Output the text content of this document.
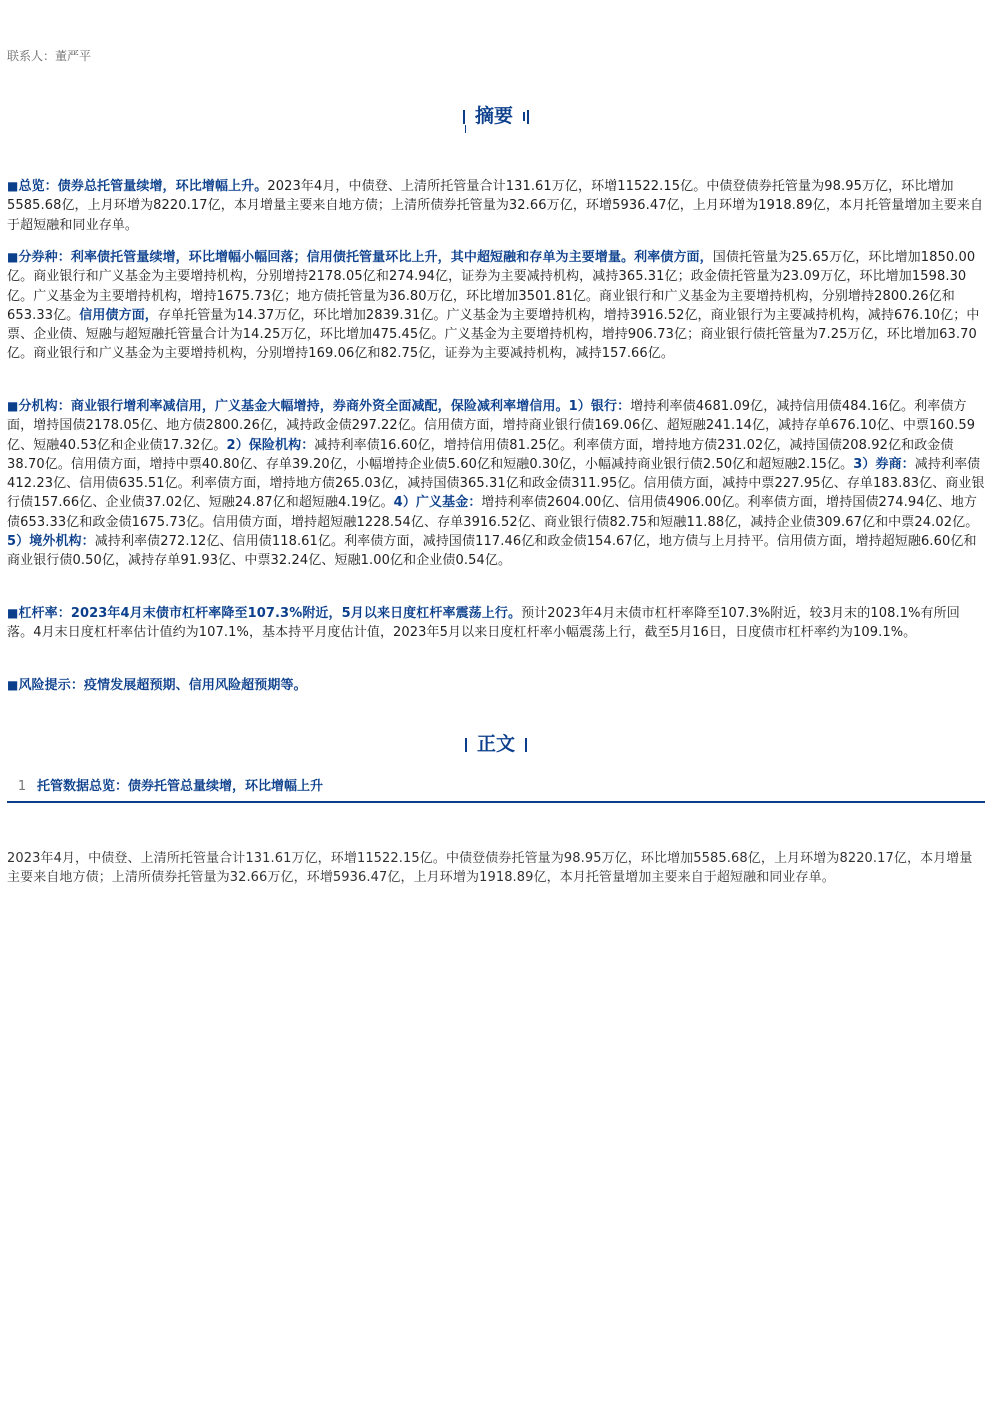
联系人：董严平
摘要
■总览：债券总托管量续增，环比增幅上升。2023年4月，中债登、上清所托管量合计131.61万亿，环增11522.15亿。中债登债券托管量为98.95万亿，环比增加5585.68亿，上月环增为8220.17亿，本月增量主要来自地方债；上清所债券托管量为32.66万亿，环增5936.47亿，上月环增为1918.89亿，本月托管量增加主要来自于超短融和同业存单。
■分券种：利率债托管量续增，环比增幅小幅回落；信用债托管量环比上升，其中超短融和存单为主要增量。利率债方面，国债托管量为25.65万亿，环比增加1850.00亿。商业银行和广义基金为主要增持机构，分别增持2178.05亿和274.94亿，证券为主要减持机构，减持365.31亿；政金债托管量为23.09万亿，环比增加1598.30亿。广义基金为主要增持机构，增持1675.73亿；地方债托管量为36.80万亿，环比增加3501.81亿。商业银行和广义基金为主要增持机构，分别增持2800.26亿和653.33亿。信用债方面，存单托管量为14.37万亿，环比增加2839.31亿。广义基金为主要增持机构，增持3916.52亿，商业银行为主要减持机构，减持676.10亿；中票、企业债、短融与超短融托管量合计为14.25万亿，环比增加475.45亿。广义基金为主要增持机构，增持906.73亿；商业银行债托管量为7.25万亿，环比增加63.70亿。商业银行和广义基金为主要增持机构，分别增持169.06亿和82.75亿，证券为主要减持机构，减持157.66亿。
■分机构：商业银行增利率减信用，广义基金大幅增持，券商外资全面减配，保险减利率增信用。1）银行：增持利率债4681.09亿，减持信用债484.16亿。利率债方面，增持国债2178.05亿、地方债2800.26亿，减持政金债297.22亿。信用债方面，增持商业银行债169.06亿、超短融241.14亿，减持存单676.10亿、中票160.59亿、短融40.53亿和企业债17.32亿。2）保险机构：减持利率债16.60亿，增持信用债81.25亿。利率债方面，增持地方债231.02亿，减持国债208.92亿和政金债38.70亿。信用债方面，增持中票40.80亿、存单39.20亿，小幅增持企业债5.60亿和短融0.30亿，小幅减持商业银行债2.50亿和超短融2.15亿。3）券商：减持利率债412.23亿、信用债635.51亿。利率债方面，增持地方债265.03亿，减持国债365.31亿和政金债311.95亿。信用债方面，减持中票227.95亿、存单183.83亿、商业银行债157.66亿、企业债37.02亿、短融24.87亿和超短融4.19亿。4）广义基金：增持利率债2604.00亿、信用债4906.00亿。利率债方面，增持国债274.94亿、地方债653.33亿和政金债1675.73亿。信用债方面，增持超短融1228.54亿、存单3916.52亿、商业银行债82.75和短融11.88亿，减持企业债309.67亿和中票24.02亿。5）境外机构：减持利率债272.12亿、信用债118.61亿。利率债方面，减持国债117.46亿和政金债154.67亿，地方债与上月持平。信用债方面，增持超短融6.60亿和商业银行债0.50亿，减持存单91.93亿、中票32.24亿、短融1.00亿和企业债0.54亿。
■杠杆率：2023年4月末债市杠杆率降至107.3%附近，5月以来日度杠杆率震荡上行。预计2023年4月末债市杠杆率降至107.3%附近，较3月末的108.1%有所回落。4月末日度杠杆率估计值约为107.1%，基本持平月度估计值，2023年5月以来日度杠杆率小幅震荡上行，截至5月16日，日度债市杠杆率约为109.1%。
■风险提示：疫情发展超预期、信用风险超预期等。
正文
1 托管数据总览：债券托管总量续增，环比增幅上升
2023年4月，中债登、上清所托管量合计131.61万亿，环增11522.15亿。中债登债券托管量为98.95万亿，环比增加5585.68亿，上月环增为8220.17亿，本月增量主要来自地方债；上清所债券托管量为32.66万亿，环增5936.47亿，上月环增为1918.89亿，本月托管量增加主要来自于超短融和同业存单。
